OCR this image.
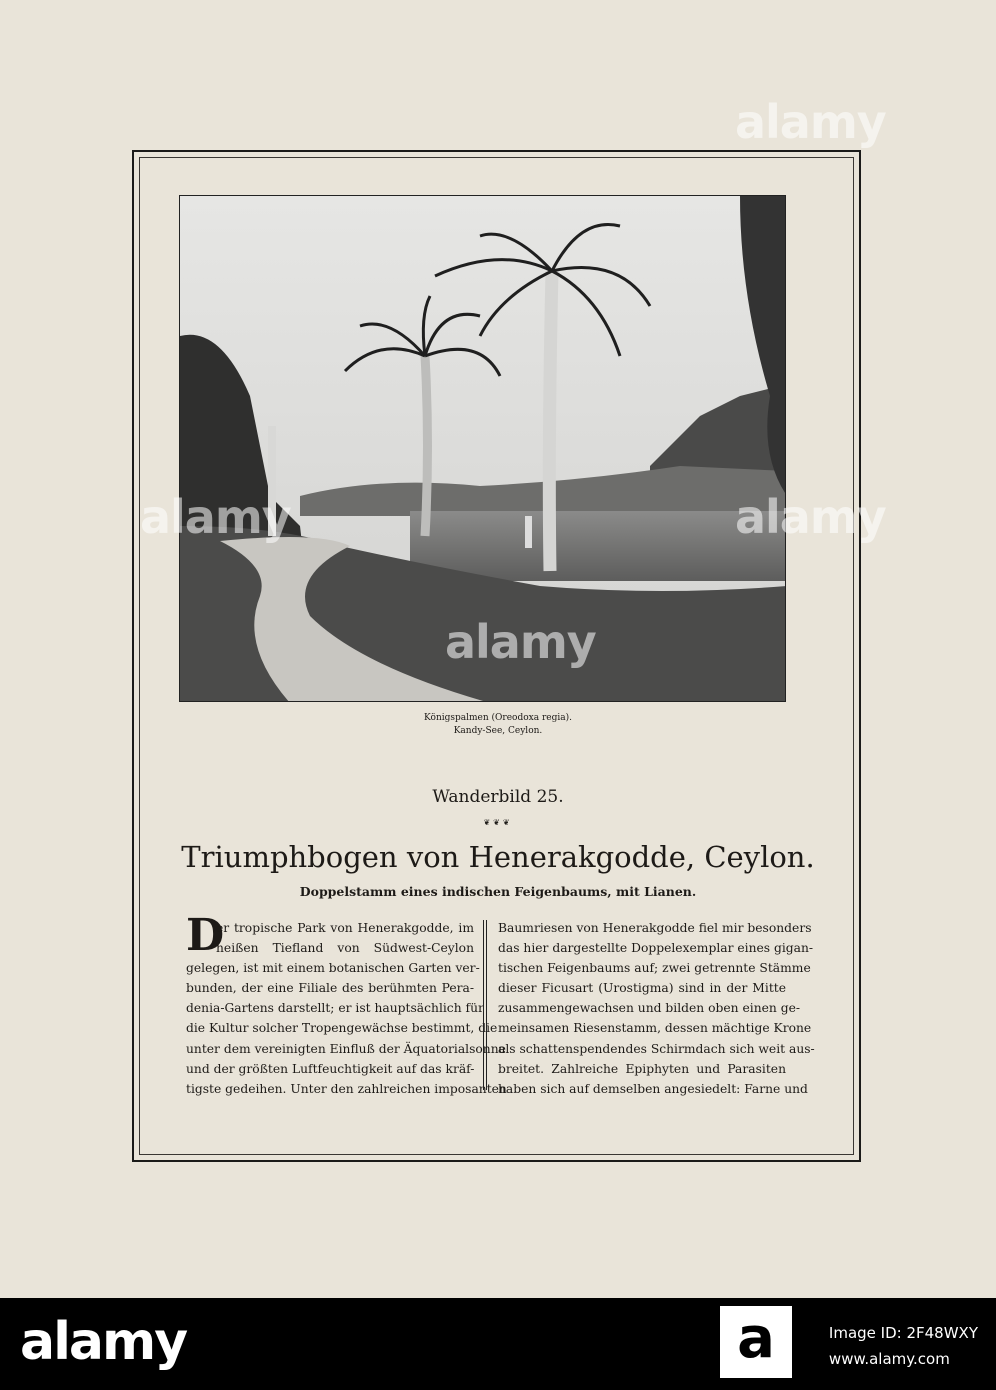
Königspalmen (Oreodoxa regia).
Kandy-See, Ceylon.
Wanderbild 25.
❦❦❦
Triumphbogen von Henerakgodde, Ceylon.
Doppelstamm eines indischen Feigenbaums, mit Lianen.
D
er tropische Park von Henerakgodde, im
heißen Tiefland von Südwest-Ceylon
gelegen, ist mit einem botanischen Garten ver-
bunden, der eine Filiale des berühmten Pera-
denia-Gartens darstellt; er ist hauptsächlich für
die Kultur solcher Tropengewächse bestimmt, die
unter dem vereinigten Einfluß der Äquatorialsonne
und der größten Luftfeuchtigkeit auf das kräf-
tigste gedeihen. Unter den zahlreichen imposanten
Baumriesen von Henerakgodde fiel mir besonders
das hier dargestellte Doppelexemplar eines gigan-
tischen Feigenbaums auf; zwei getrennte Stämme
dieser Ficusart (Urostigma) sind in der Mitte
zusammengewachsen und bilden oben einen ge-
meinsamen Riesenstamm, dessen mächtige Krone
als schattenspendendes Schirmdach sich weit aus-
breitet. Zahlreiche Epiphyten und Parasiten
haben sich auf demselben angesiedelt: Farne und
alamy
alamy
alamy
alamy
alamy	a	Image ID: 2F48WXY
www.alamy.com
